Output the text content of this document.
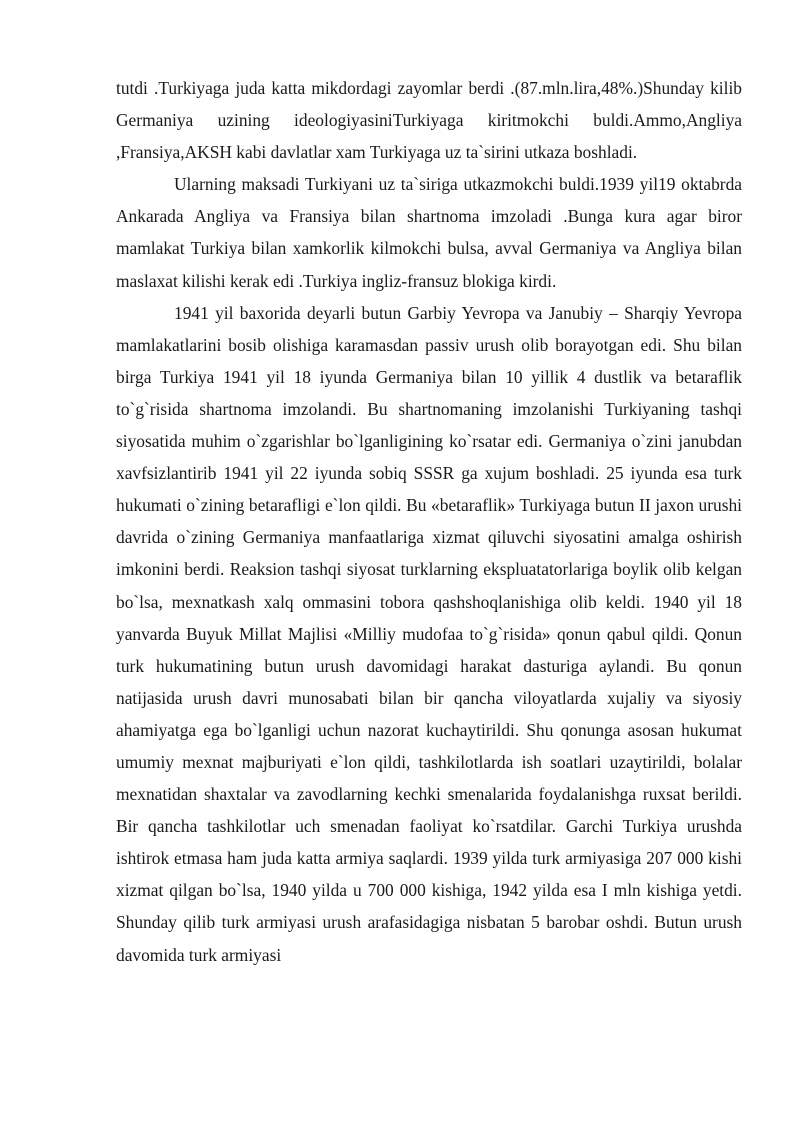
tutdi .Turkiyaga juda katta mikdordagi zayomlar berdi .(87.mln.lira,48%.)Shunday kilib Germaniya uzining ideologiyasiniTurkiyaga kiritmokchi buldi.Ammo,Angliya ,Fransiya,AKSH kabi davlatlar xam Turkiyaga uz ta`sirini utkaza boshladi.

Ularning maksadi Turkiyani uz ta`siriga utkazmokchi buldi.1939 yil19 oktabrda Ankarada Angliya va Fransiya bilan shartnoma imzoladi .Bunga kura agar biror mamlakat Turkiya bilan xamkorlik kilmokchi bulsa, avval Germaniya va Angliya bilan maslaxat kilishi kerak edi .Turkiya ingliz-fransuz blokiga kirdi.

1941 yil baxorida deyarli butun Garbiy Yevropa va Janubiy – Sharqiy Yevropa mamlakatlarini bosib olishiga karamasdan passiv urush olib borayotgan edi. Shu bilan birga Turkiya 1941 yil 18 iyunda Germaniya bilan 10 yillik 4 dustlik va betaraflik to`g`risida shartnoma imzolandi. Bu shartnomaning imzolanishi Turkiyaning tashqi siyosatida muhim o`zgarishlar bo`lganligining ko`rsatar edi. Germaniya o`zini janubdan xavfsizlantirib 1941 yil 22 iyunda sobiq SSSR ga xujum boshladi. 25 iyunda esa turk hukumati o`zining betarafligi e`lon qildi. Bu «betaraflik» Turkiyaga butun II jaxon urushi davrida o`zining Germaniya manfaatlariga xizmat qiluvchi siyosatini amalga oshirish imkonini berdi. Reaksion tashqi siyosat turklarning ekspluatatorlariga boylik olib kelgan bo`lsa, mexnatkash xalq ommasini tobora qashshoqlanishiga olib keldi. 1940 yil 18 yanvarda Buyuk Millat Majlisi «Milliy mudofaa to`g`risida» qonun qabul qildi. Qonun turk hukumatining butun urush davomidagi harakat dasturiga aylandi. Bu qonun natijasida urush davri munosabati bilan bir qancha viloyatlarda xujaliy va siyosiy ahamiyatga ega bo`lganligi uchun nazorat kuchaytirildi. Shu qonunga asosan hukumat umumiy mexnat majburiyati e`lon qildi, tashkilotlarda ish soatlari uzaytirildi, bolalar mexnatidan shaxtalar va zavodlarning kechki smenalarida foydalanishga ruxsat berildi. Bir qancha tashkilotlar uch smenadan faoliyat ko`rsatdilar. Garchi Turkiya urushda ishtirok etmasa ham juda katta armiya saqlardi. 1939 yilda turk armiyasiga 207 000 kishi xizmat qilgan bo`lsa, 1940 yilda u 700 000 kishiga, 1942 yilda esa I mln kishiga yetdi. Shunday qilib turk armiyasi urush arafasidagiga nisbatan 5 barobar oshdi. Butun urush davomida turk armiyasi
